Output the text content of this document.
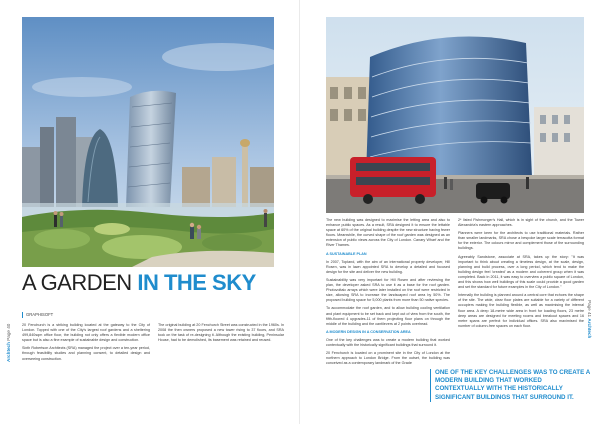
A GARDEN IN THE SKY
GRAPHISOFT

20 Fenchurch is a striking building located at the gateway to the City of London. Topped with one of the City's largest roof gardens and a sheltering 499,840sqm office floor, the building not only offers a flexible modern office space but is also a fine example of sustainable design and construction.

Sixth Robertson Architects (SRA) managed the project over a ten-year period, through feasibility studies and planning consent, to detailed design and overseeing construction.

The original building at 20 Fenchurch Street was constructed in the 1960s. In 2008 the then owners proposed a new tower rising to 37 floors, and SRA took on the task of re-designing it. Although the existing building, Peninsular House, had to be demolished, its basement was retained and reused.

Archtech Page 40

The new building was designed to maximise the letting area and also to enhance public spaces. As a result, SRA designed it to ensure the lettable space at 60% of the original building despite the new structure having fewer floors. Meanwhile, the curved shape of the roof garden was designed as an extension of public views across the City of London. Canary Wharf and the River Thames.

A SUSTAINABLE PLAN

In 2007, Topland, with the aim of an international property developer, Hill Rosen, was in lawn appointed SRA to develop a detailed and focused design for the site and deliver the new building.

Sustainability was very important for Hill Rosen and after reviewing the plan, the developer asked SRA to use it as a base for the roof garden. Photovoltaic arrays which were later installed on the roof were restricted in size, allowing SRA to increase the landscaped roof area by 50%. The proposed building space for 5,000 plants from more than 50 native species.

To accommodate the roof garden, and to allow building cooling ventilation and plant equipment to be set back and kept out of view from the south, the fifth-floored 4 upgrades-11 of them projecting floor plans on through the middle of the building and the cantilevers at 2 points overhead.

A MODERN DESIGN IN A CONSERVATION AREA

One of the key challenges was to create a modern building that worked contextually with the historically significant buildings that surround it.

20 Fenchurch is located on a prominent site in the City of London at the northern approach to London Bridge. From the outset, the building was conceived as a contemporary landmark of the Grade

2* listed Fishmonger's Hall, which is in sight of the church, and the Tower Alexandria's eastern approaches.

Planners were keen for the architects to use traditional materials. Rather than smaller landmarks, SRA chose a bespoke larger scale terracotta format for the exterior. The colours mirror and complement those of the surrounding buildings.

Agreeably Sandstone, associate at SRA, takes up the story: "It was important to think about creating a timeless design, at the scale, design, planning and build process, over a long period, which tend to make the building design feel 'created' as a modern and coherent group when it was completed. Back in 2011, it was easy to overview a public square of London, and this shows how well buildings of this scale could provide a good garden and set the standard for future examples in the City of London."

Internally the building is planned around a central core that echoes the shape of the site. The wide, clear floor plates are suitable for a variety of different occupiers making the building flexible, as well as maximising the internal floor area. A deep 18-metre wide area in front for loading floors, 23 metre deep areas are designed for meeting rooms and breakout spaces and 16 metre spans are perfect for individual offices. SRA also maximised the number of column-free spaces on each floor.

Page 41 Archtech
ONE OF THE KEY CHALLENGES WAS TO CREATE A MODERN BUILDING THAT WORKED CONTEXTUALLY WITH THE HISTORICALLY SIGNIFICANT BUILDINGS THAT SURROUND IT.
